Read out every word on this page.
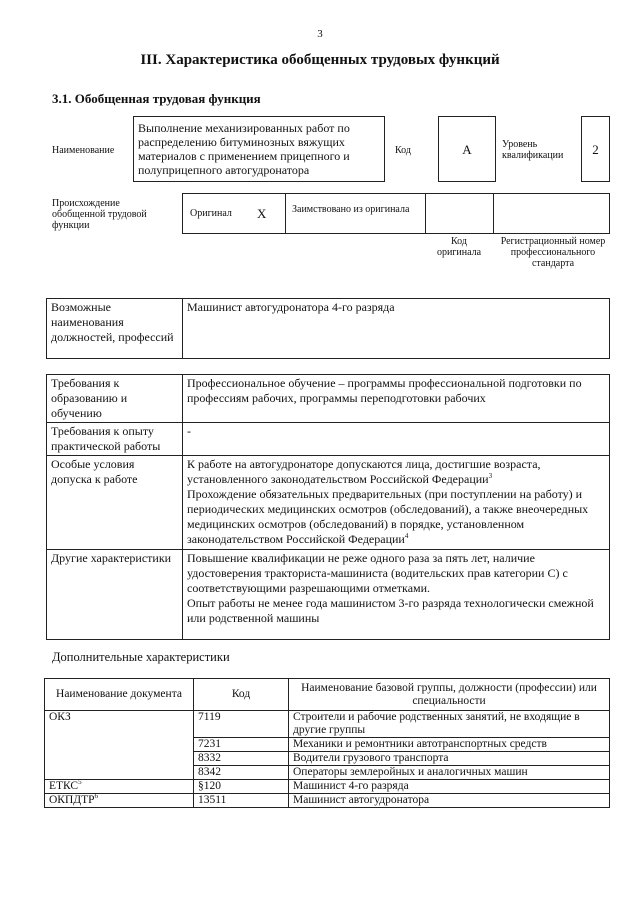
3
III. Характеристика обобщенных трудовых функций
3.1. Обобщенная трудовая функция
Наименование
Выполнение механизированных работ по распределению битуминозных вяжущих материалов с применением прицепного и полуприцепного автогудронатора
Код	А	Уровень квалификации	2
Происхождение обобщенной трудовой функции
Оригинал Х	Заимствовано из оригинала
Код оригинала
Регистрационный номер профессионального стандарта
Возможные наименования должностей, профессий	Машинист автогудронатора 4-го разряда
Требования к образованию и обучению	Профессиональное обучение – программы профессиональной подготовки по профессиям рабочих, программы переподготовки рабочих
Требования к опыту практической работы	-
Особые условия допуска к работе	К работе на автогудронаторе допускаются лица, достигшие возраста, установленного законодательством Российской Федерации$^3$
Прохождение обязательных предварительных (при поступлении на работу) и периодических медицинских осмотров (обследований), а также внеочередных медицинских осмотров (обследований) в порядке, установленном законодательством Российской Федерации$^4$
Другие характеристики	Повышение квалификации не реже одного раза за пять лет, наличие удостоверения тракториста-машиниста (водительских прав категории С) с соответствующими разрешающими отметками.
Опыт работы не менее года машинистом 3-го разряда технологически смежной или родственной машины
Дополнительные характеристики
Наименование документа	Код	Наименование базовой группы, должности (профессии) или специальности
ОКЗ	7119	Строители и рабочие родственных занятий, не входящие в другие группы
	7231	Механики и ремонтники автотранспортных средств
	8332	Водители грузового транспорта
	8342	Операторы землеройных и аналогичных машин
ЕТКС$^5$	§120	Машинист 4-го разряда
ОКПДТР$^6$	13511	Машинист автогудронатора
